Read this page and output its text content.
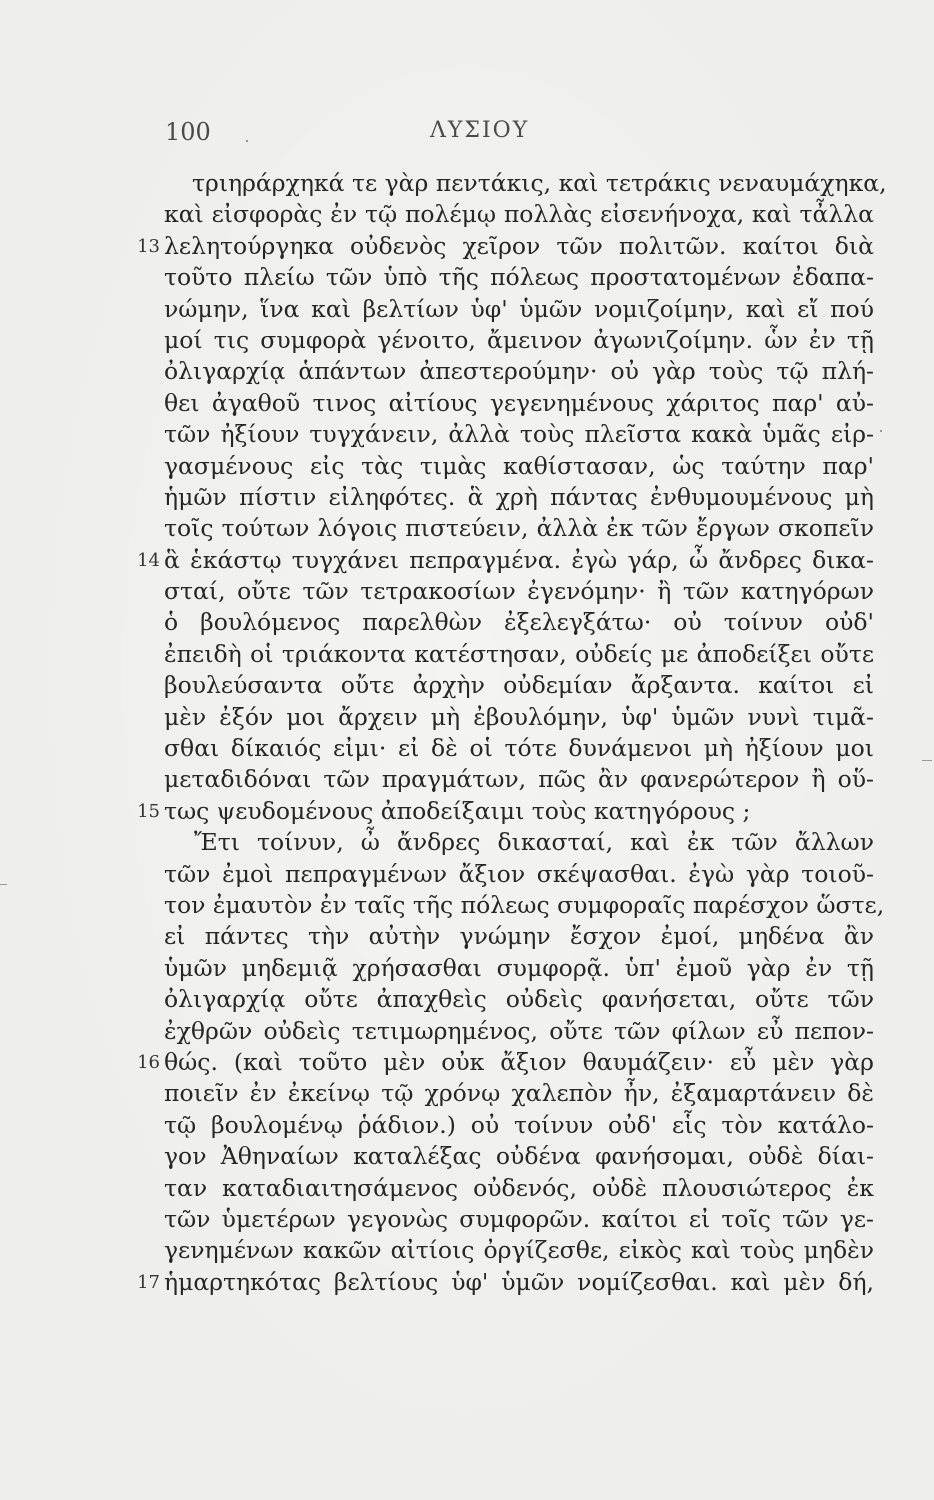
100	ΛΥΣΙΟΥ
τριηράρχηκά τε γὰρ πεντάκις, καὶ τετράκις νεναυμάχηκα,
καὶ εἰσφορὰς ἐν τῷ πολέμῳ πολλὰς εἰσενήνοχα, καὶ τἆλλα
13 λελητούργηκα οὐδενὸς χεῖρον τῶν πολιτῶν. καίτοι διὰ
τοῦτο πλείω τῶν ὑπὸ τῆς πόλεως προστατομένων ἐδαπα-
νώμην, ἵνα καὶ βελτίων ὑφ' ὑμῶν νομιζοίμην, καὶ εἴ πού
μοί τις συμφορὰ γένοιτο, ἄμεινον ἀγωνιζοίμην. ὧν ἐν τῇ
ὀλιγαρχίᾳ ἁπάντων ἀπεστερούμην· οὐ γὰρ τοὺς τῷ πλή-
θει ἀγαθοῦ τινος αἰτίους γεγενημένους χάριτος παρ' αὐ-
τῶν ἠξίουν τυγχάνειν, ἀλλὰ τοὺς πλεῖστα κακὰ ὑμᾶς εἰρ-
γασμένους εἰς τὰς τιμὰς καθίστασαν, ὡς ταύτην παρ'
ἡμῶν πίστιν εἰληφότες. ἃ χρὴ πάντας ἐνθυμουμένους μὴ
τοῖς τούτων λόγοις πιστεύειν, ἀλλὰ ἐκ τῶν ἔργων σκοπεῖν
14 ἃ ἑκάστῳ τυγχάνει πεπραγμένα. ἐγὼ γάρ, ὦ ἄνδρες δικα-
σταί, οὔτε τῶν τετρακοσίων ἐγενόμην· ἢ τῶν κατηγόρων
ὁ βουλόμενος παρελθὼν ἐξελεγξάτω· οὐ τοίνυν οὐδ'
ἐπειδὴ οἱ τριάκοντα κατέστησαν, οὐδείς με ἀποδείξει οὔτε
βουλεύσαντα οὔτε ἀρχὴν οὐδεμίαν ἄρξαντα. καίτοι εἰ
μὲν ἐξόν μοι ἄρχειν μὴ ἐβουλόμην, ὑφ' ὑμῶν νυνὶ τιμᾶ-
σθαι δίκαιός εἰμι· εἰ δὲ οἱ τότε δυνάμενοι μὴ ἠξίουν μοι
μεταδιδόναι τῶν πραγμάτων, πῶς ἂν φανερώτερον ἢ οὕ-
15 τως ψευδομένους ἀποδείξαιμι τοὺς κατηγόρους ;
Ἔτι τοίνυν, ὦ ἄνδρες δικασταί, καὶ ἐκ τῶν ἄλλων
τῶν ἐμοὶ πεπραγμένων ἄξιον σκέψασθαι. ἐγὼ γὰρ τοιοῦ-
τον ἐμαυτὸν ἐν ταῖς τῆς πόλεως συμφοραῖς παρέσχον ὥστε,
εἰ πάντες τὴν αὐτὴν γνώμην ἔσχον ἐμοί, μηδένα ἂν
ὑμῶν μηδεμιᾷ χρήσασθαι συμφορᾷ. ὑπ' ἐμοῦ γὰρ ἐν τῇ
ὀλιγαρχίᾳ οὔτε ἀπαχθεὶς οὐδεὶς φανήσεται, οὔτε τῶν
ἐχθρῶν οὐδεὶς τετιμωρημένος, οὔτε τῶν φίλων εὖ πεπον-
16 θώς. (καὶ τοῦτο μὲν οὐκ ἄξιον θαυμάζειν· εὖ μὲν γὰρ
ποιεῖν ἐν ἐκείνῳ τῷ χρόνῳ χαλεπὸν ἦν, ἐξαμαρτάνειν δὲ
τῷ βουλομένῳ ῥάδιον.) οὐ τοίνυν οὐδ' εἷς τὸν κατάλο-
γον Ἀθηναίων καταλέξας οὐδένα φανήσομαι, οὐδὲ δίαι-
ταν καταδιαιτησάμενος οὐδενός, οὐδὲ πλουσιώτερος ἐκ
τῶν ὑμετέρων γεγονὼς συμφορῶν. καίτοι εἰ τοῖς τῶν γε-
γενημένων κακῶν αἰτίοις ὀργίζεσθε, εἰκὸς καὶ τοὺς μηδὲν
17 ἡμαρτηκότας βελτίους ὑφ' ὑμῶν νομίζεσθαι. καὶ μὲν δή,
